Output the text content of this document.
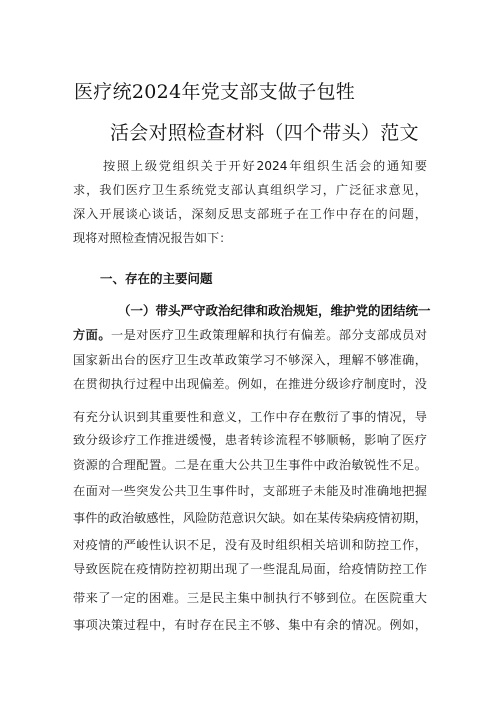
医疗统2024年党支部支做子包牲
活会对照检查材料（四个带头）范文
按照上级党组织关于开好2024年组织生活会的通知要
求，我们医疗卫生系统党支部认真组织学习，广泛征求意见，
深入开展谈心谈话，深刻反思支部班子在工作中存在的问题，
现将对照检查情况报告如下：
一、存在的主要问题
（一）带头严守政治纪律和政治规矩，维护党的团结统一
方面。一是对医疗卫生政策理解和执行有偏差。部分支部成员对
国家新出台的医疗卫生改革政策学习不够深入，理解不够准确，
在贯彻执行过程中出现偏差。例如，在推进分级诊疗制度时，没
有充分认识到其重要性和意义，工作中存在敷衍了事的情况，导
致分级诊疗工作推进缓慢，患者转诊流程不够顺畅，影响了医疗
资源的合理配置。二是在重大公共卫生事件中政治敏锐性不足。
在面对一些突发公共卫生事件时，支部班子未能及时准确地把握
事件的政治敏感性，风险防范意识欠缺。如在某传染病疫情初期，
对疫情的严峻性认识不足，没有及时组织相关培训和防控工作，
导致医院在疫情防控初期出现了一些混乱局面，给疫情防控工作
带来了一定的困难。三是民主集中制执行不够到位。在医院重大
事项决策过程中，有时存在民主不够、集中有余的情况。例如，
